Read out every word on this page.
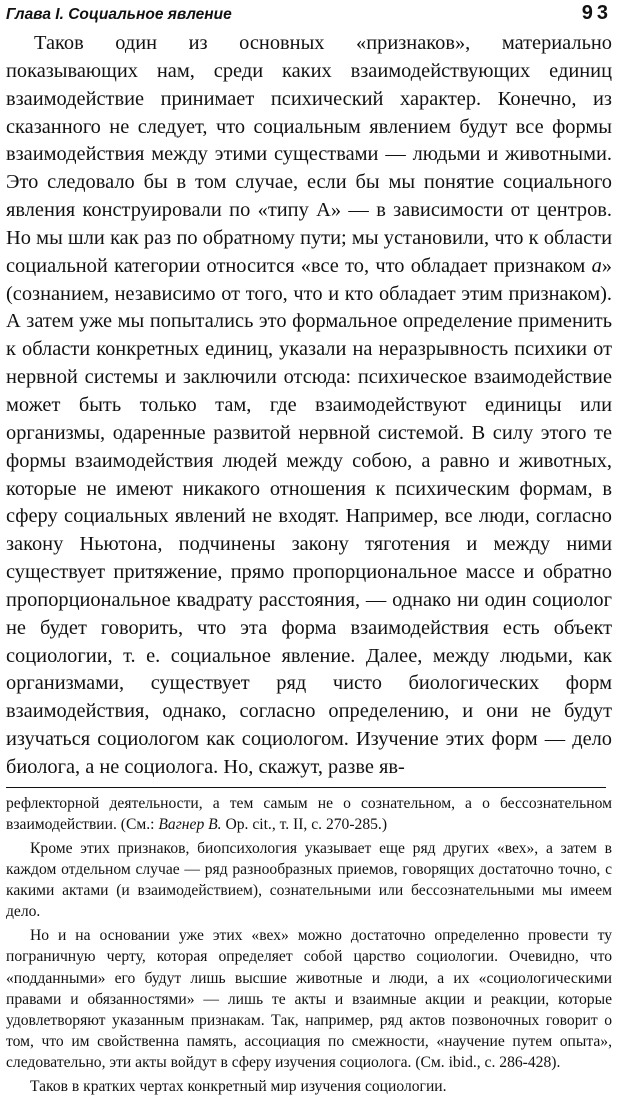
Глава I. Социальное явление	93

Таков один из основных «признаков», материально показывающих нам, среди каких взаимодействующих единиц взаимодействие принимает психический характер. Конечно, из сказанного не следует, что социальным явлением будут все формы взаимодействия между этими существами — людьми и животными. Это следовало бы в том случае, если бы мы понятие социального явления конструировали по «типу А» — в зависимости от центров. Но мы шли как раз по обратному пути; мы установили, что к области социальной категории относится «все то, что обладает признаком а» (сознанием, независимо от того, что и кто обладает этим признаком). А затем уже мы попытались это формальное определение применить к области конкретных единиц, указали на неразрывность психики от нервной системы и заключили отсюда: психическое взаимодействие может быть только там, где взаимодействуют единицы или организмы, одаренные развитой нервной системой. В силу этого те формы взаимодействия людей между собою, а равно и животных, которые не имеют никакого отношения к психическим формам, в сферу социальных явлений не входят. Например, все люди, согласно закону Ньютона, подчинены закону тяготения и между ними существует притяжение, прямо пропорциональное массе и обратно пропорциональное квадрату расстояния, — однако ни один социолог не будет говорить, что эта форма взаимодействия есть объект социологии, т. е. социальное явление. Далее, между людьми, как организмами, существует ряд чисто биологических форм взаимодействия, однако, согласно определению, и они не будут изучаться социологом как социологом. Изучение этих форм — дело биолога, а не социолога. Но, скажут, разве яв-

рефлекторной деятельности, а тем самым не о сознательном, а о бессознательном взаимодействии. (См.: Вагнер В. Op. cit., т. II, с. 270-285.)

Кроме этих признаков, биопсихология указывает еще ряд других «вех», а затем в каждом отдельном случае — ряд разнообразных приемов, говорящих достаточно точно, с какими актами (и взаимодействием), сознательными или бессознательными мы имеем дело.

Но и на основании уже этих «вех» можно достаточно определенно провести ту пограничную черту, которая определяет собой царство социологии. Очевидно, что «подданными» его будут лишь высшие животные и люди, а их «социологическими правами и обязанностями» — лишь те акты и взаимные акции и реакции, которые удовлетворяют указанным признакам. Так, например, ряд актов позвоночных говорит о том, что им свойственна память, ассоциация по смежности, «научение путем опыта», следовательно, эти акты войдут в сферу изучения социолога. (См. ibid., с. 286-428).

Таков в кратких чертах конкретный мир изучения социологии.
